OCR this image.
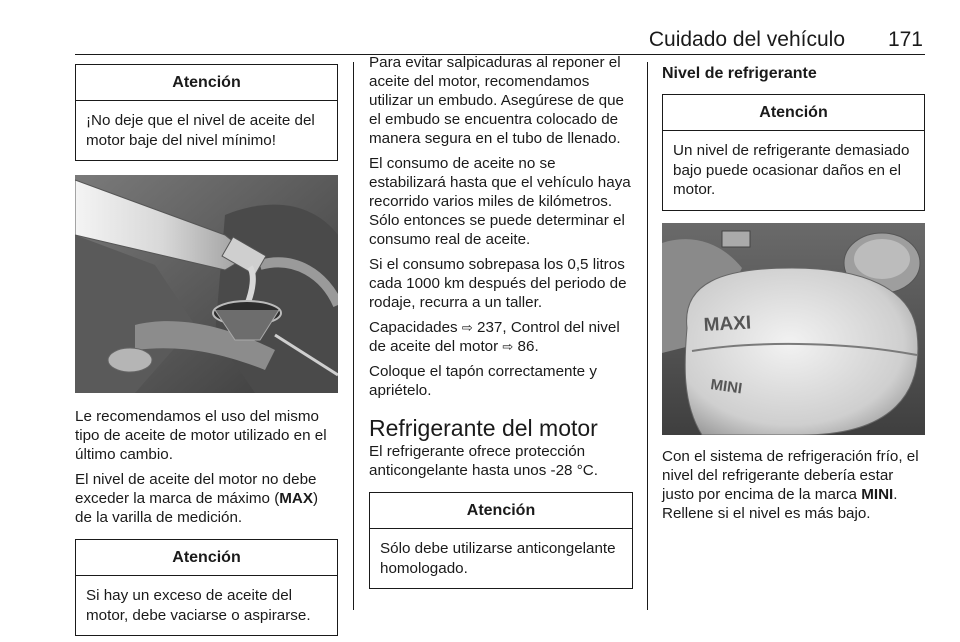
Cuidado del vehículo 171
Atención
¡No deje que el nivel de aceite del motor baje del nivel mínimo!

Le recomendamos el uso del mismo tipo de aceite de motor utilizado en el último cambio.

El nivel de aceite del motor no debe exceder la marca de máximo (MAX) de la varilla de medición.

Atención
Si hay un exceso de aceite del motor, debe vaciarse o aspirarse.

Para evitar salpicaduras al reponer el aceite del motor, recomendamos utilizar un embudo. Asegúrese de que el embudo se encuentra colocado de manera segura en el tubo de llenado.

El consumo de aceite no se estabilizará hasta que el vehículo haya recorrido varios miles de kilómetros. Sólo entonces se puede determinar el consumo real de aceite.

Si el consumo sobrepasa los 0,5 litros cada 1000 km después del periodo de rodaje, recurra a un taller.

Capacidades ⇨ 237, Control del nivel de aceite del motor ⇨ 86.

Coloque el tapón correctamente y apriételo.

Refrigerante del motor

El refrigerante ofrece protección anticongelante hasta unos -28 °C.

Atención
Sólo debe utilizarse anticongelante homologado.
Nivel de refrigerante
Atención
Un nivel de refrigerante demasiado bajo puede ocasionar daños en el motor.
MAXI
MINI

Con el sistema de refrigeración frío, el nivel del refrigerante debería estar justo por encima de la marca MINI. Rellene si el nivel es más bajo.
